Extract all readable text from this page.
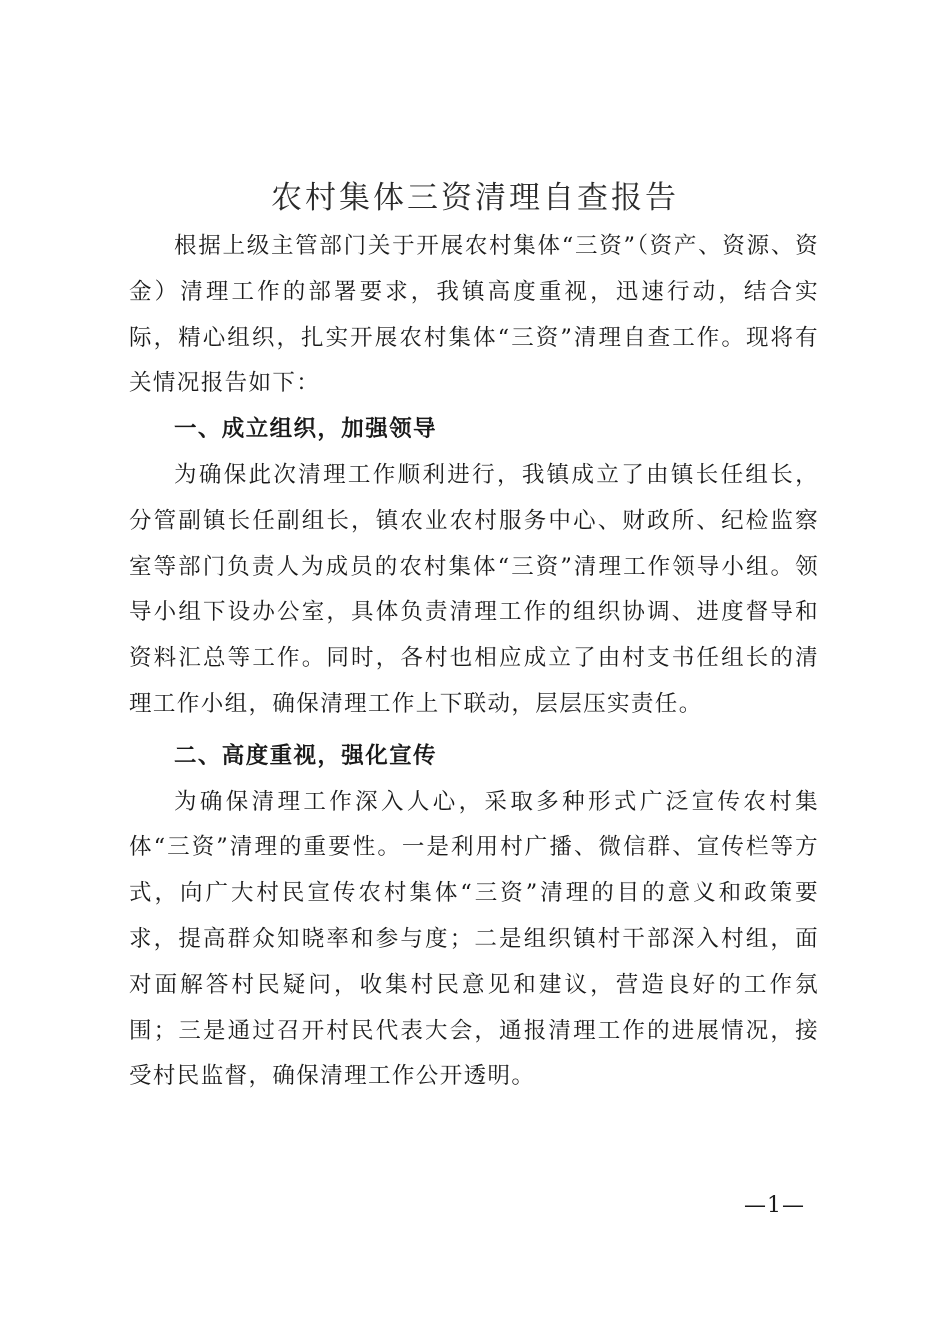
农村集体三资清理自查报告

根据上级主管部门关于开展农村集体“三资”（资产、资源、资金）清理工作的部署要求，我镇高度重视，迅速行动，结合实际，精心组织，扎实开展农村集体“三资”清理自查工作。现将有关情况报告如下：

一、成立组织，加强领导

为确保此次清理工作顺利进行，我镇成立了由镇长任组长，分管副镇长任副组长，镇农业农村服务中心、财政所、纪检监察室等部门负责人为成员的农村集体“三资”清理工作领导小组。领导小组下设办公室，具体负责清理工作的组织协调、进度督导和资料汇总等工作。同时，各村也相应成立了由村支书任组长的清理工作小组，确保清理工作上下联动，层层压实责任。

二、高度重视，强化宣传

为确保清理工作深入人心，采取多种形式广泛宣传农村集体“三资”清理的重要性。一是利用村广播、微信群、宣传栏等方式，向广大村民宣传农村集体“三资”清理的目的意义和政策要求，提高群众知晓率和参与度；二是组织镇村干部深入村组，面对面解答村民疑问，收集村民意见和建议，营造良好的工作氛围；三是通过召开村民代表大会，通报清理工作的进展情况，接受村民监督，确保清理工作公开透明。

—1—
